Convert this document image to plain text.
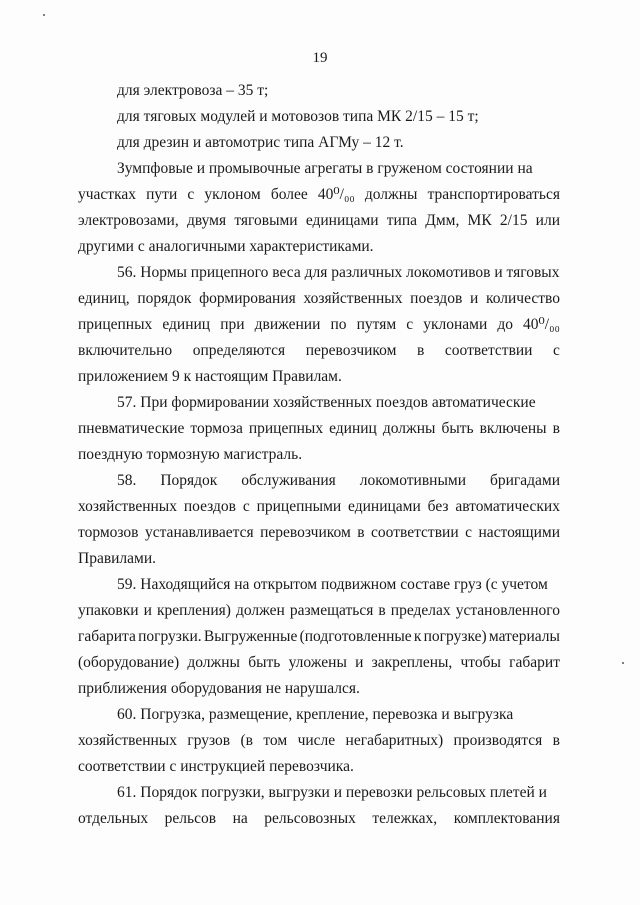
19
для электровоза – 35 т;
для тяговых модулей и мотовозов типа МК 2/15 – 15 т;
для дрезин и автомотрис типа АГМу – 12 т.
Зумпфовые и промывочные агрегаты в груженом состоянии на
участках пути с уклоном более 40⁰/₀₀ должны транспортироваться
электровозами, двумя тяговыми единицами типа Дмм, МК 2/15 или
другими с аналогичными характеристиками.
56. Нормы прицепного веса для различных локомотивов и тяговых
единиц, порядок формирования хозяйственных поездов и количество
прицепных единиц при движении по путям с уклонами до 40⁰/₀₀
включительно определяются перевозчиком в соответствии с
приложением 9 к настоящим Правилам.
57. При формировании хозяйственных поездов автоматические
пневматические тормоза прицепных единиц должны быть включены в
поездную тормозную магистраль.
58. Порядок обслуживания локомотивными бригадами
хозяйственных поездов с прицепными единицами без автоматических
тормозов устанавливается перевозчиком в соответствии с настоящими
Правилами.
59. Находящийся на открытом подвижном составе груз (с учетом
упаковки и крепления) должен размещаться в пределах установленного
габарита погрузки. Выгруженные (подготовленные к погрузке) материалы
(оборудование) должны быть уложены и закреплены, чтобы габарит
приближения оборудования не нарушался.
60. Погрузка, размещение, крепление, перевозка и выгрузка
хозяйственных грузов (в том числе негабаритных) производятся в
соответствии с инструкцией перевозчика.
61. Порядок погрузки, выгрузки и перевозки рельсовых плетей и
отдельных рельсов на рельсовозных тележках, комплектования
